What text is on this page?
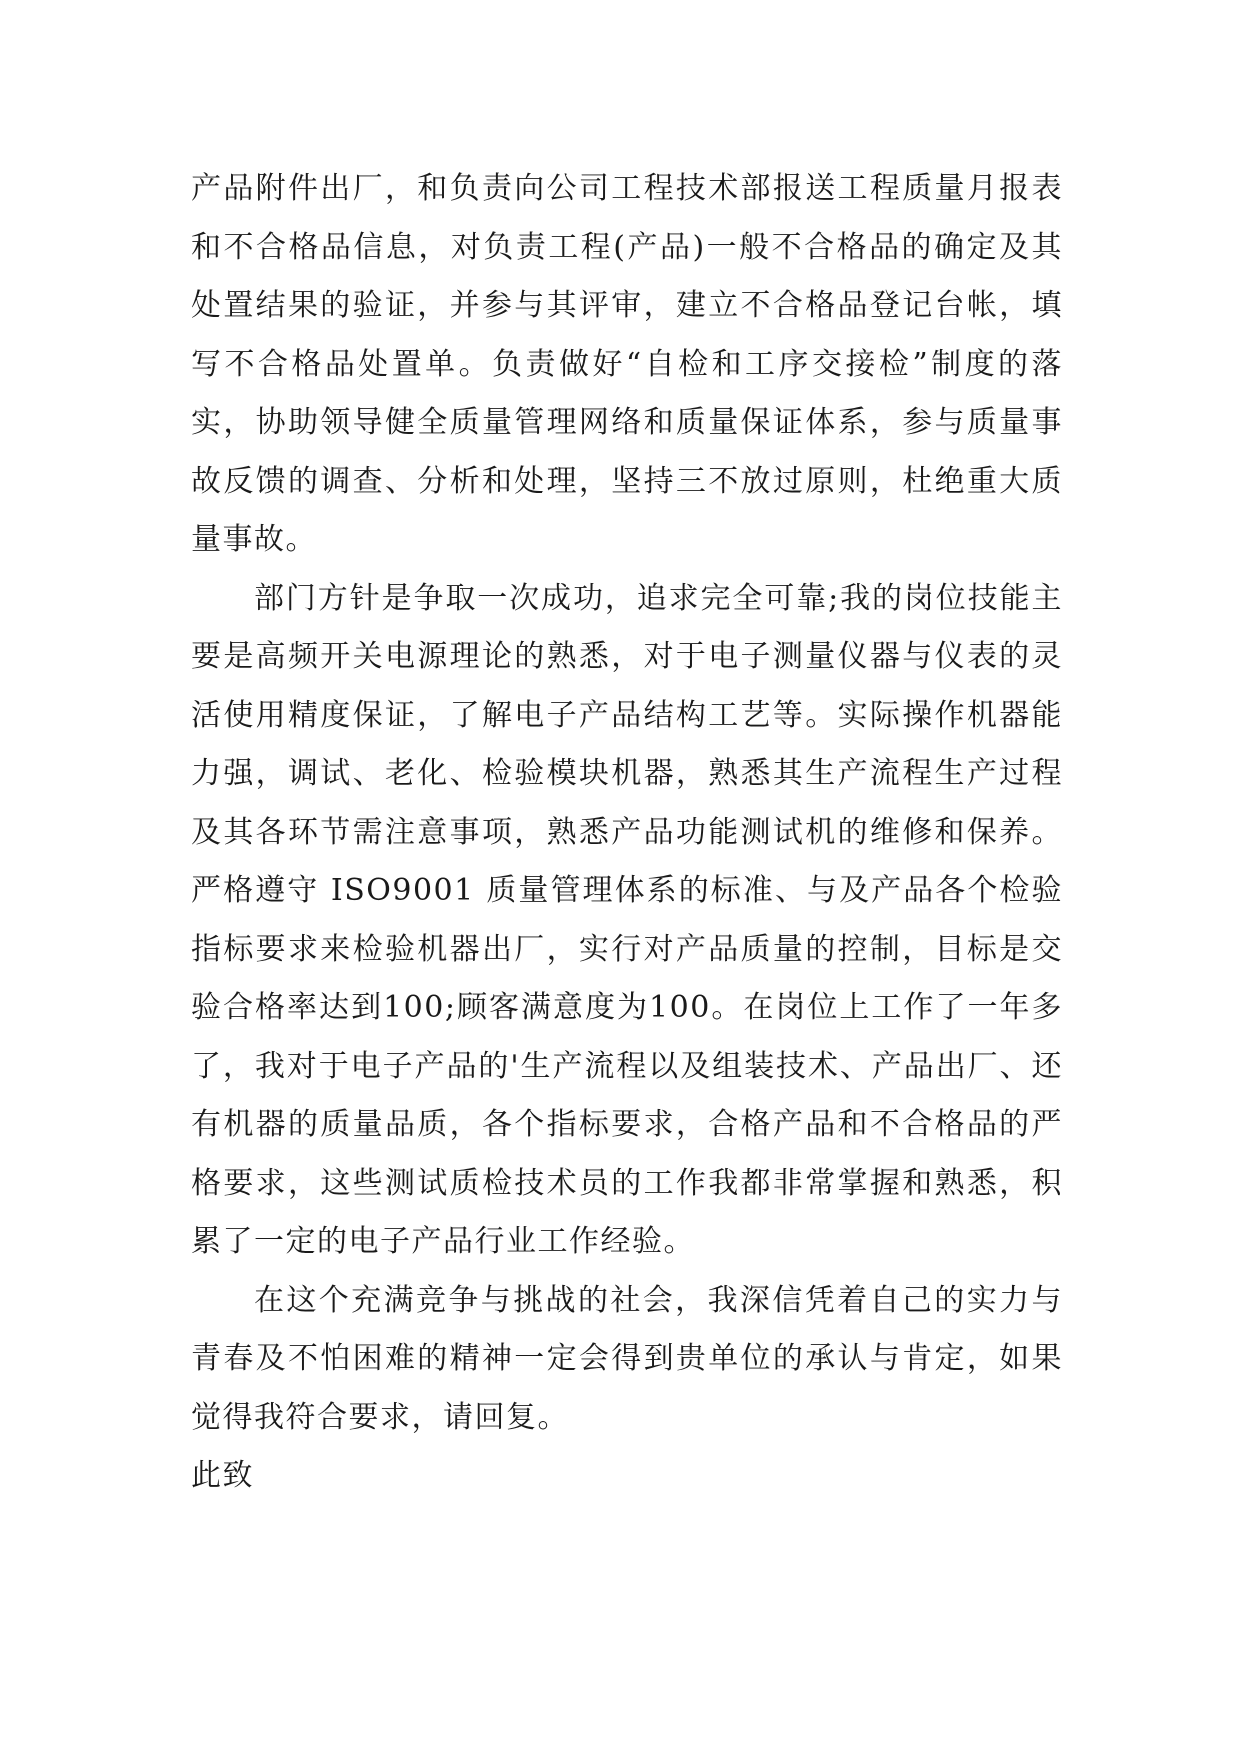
产品附件出厂，和负责向公司工程技术部报送工程质量月报表和不合格品信息，对负责工程(产品)一般不合格品的确定及其处置结果的验证，并参与其评审，建立不合格品登记台帐，填写不合格品处置单。负责做好“自检和工序交接检”制度的落实，协助领导健全质量管理网络和质量保证体系，参与质量事故反馈的调查、分析和处理，坚持三不放过原则，杜绝重大质量事故。

部门方针是争取一次成功，追求完全可靠;我的岗位技能主要是高频开关电源理论的熟悉，对于电子测量仪器与仪表的灵活使用精度保证，了解电子产品结构工艺等。实际操作机器能力强，调试、老化、检验模块机器，熟悉其生产流程生产过程及其各环节需注意事项，熟悉产品功能测试机的维修和保养。严格遵守 ISO9001 质量管理体系的标准、与及产品各个检验指标要求来检验机器出厂，实行对产品质量的控制，目标是交验合格率达到100;顾客满意度为100。在岗位上工作了一年多了，我对于电子产品的'生产流程以及组装技术、产品出厂、还有机器的质量品质，各个指标要求，合格产品和不合格品的严格要求，这些测试质检技术员的工作我都非常掌握和熟悉，积累了一定的电子产品行业工作经验。

在这个充满竞争与挑战的社会，我深信凭着自己的实力与青春及不怕困难的精神一定会得到贵单位的承认与肯定，如果觉得我符合要求，请回复。

此致
